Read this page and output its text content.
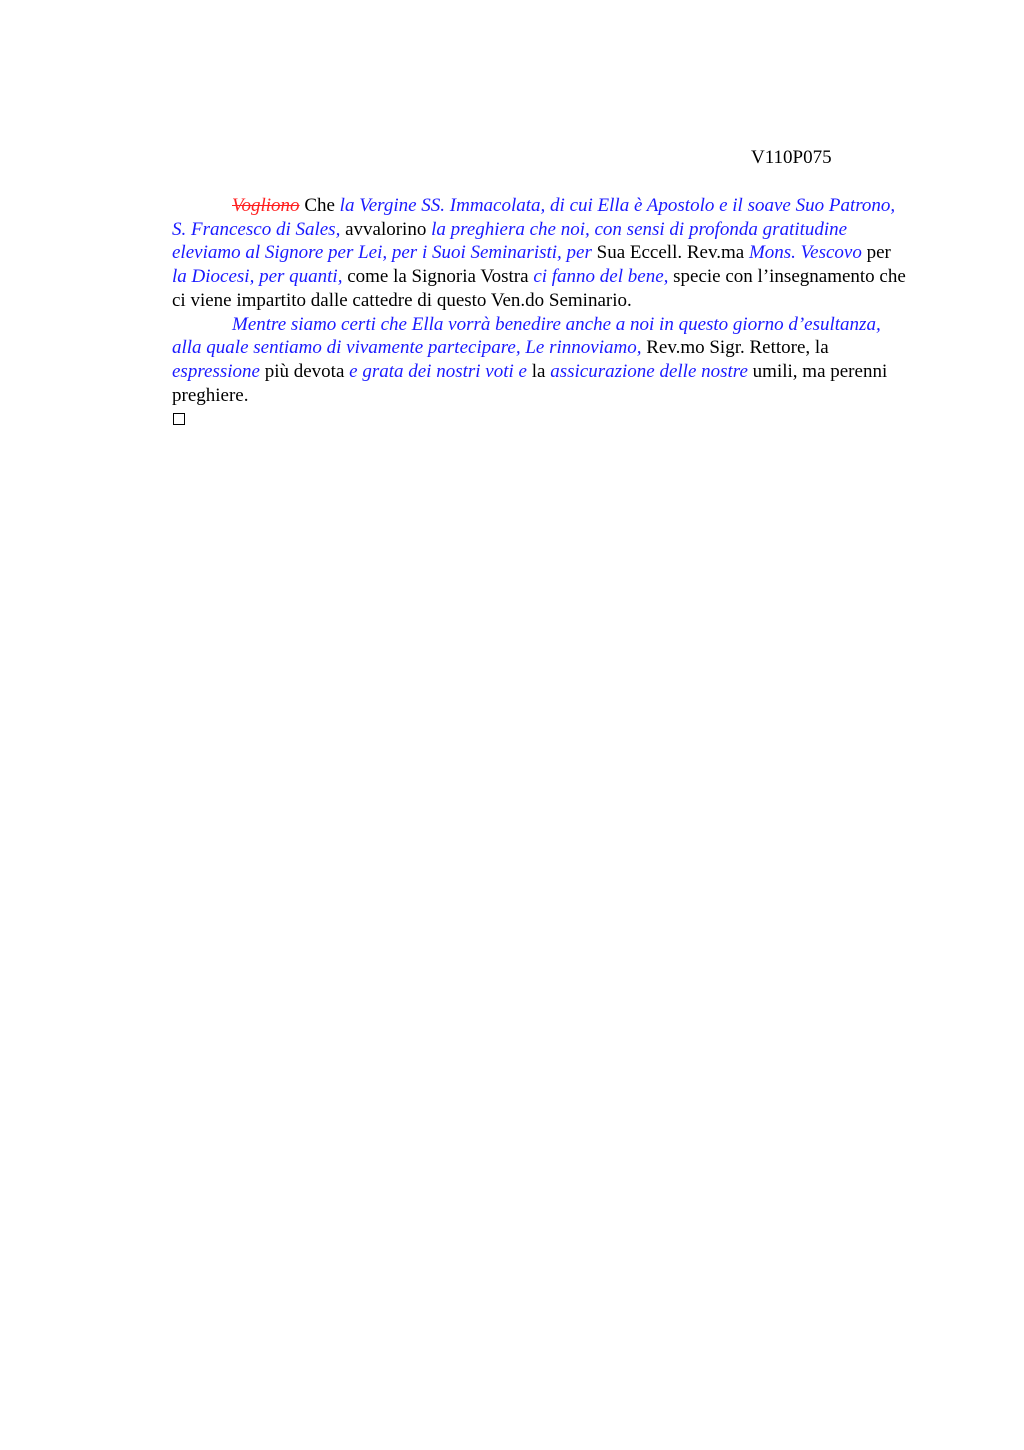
V110P075

Vogliono Che la Vergine SS. Immacolata, di cui Ella è Apostolo e il soave Suo Patrono, S. Francesco di Sales, avvalorino la preghiera che noi, con sensi di profonda gratitudine eleviamo al Signore per Lei, per i Suoi Seminaristi, per Sua Eccell. Rev.ma Mons. Vescovo per la Diocesi, per quanti, come la Signoria Vostra ci fanno del bene, specie con l’insegnamento che ci viene impartito dalle cattedre di questo Ven.do Seminario.

Mentre siamo certi che Ella vorrà benedire anche a noi in questo giorno d’esultanza, alla quale sentiamo di vivamente partecipare, Le rinnoviamo, Rev.mo Sigr. Rettore, la espressione più devota e grata dei nostri voti e la assicurazione delle nostre umili, ma perenni preghiere.
